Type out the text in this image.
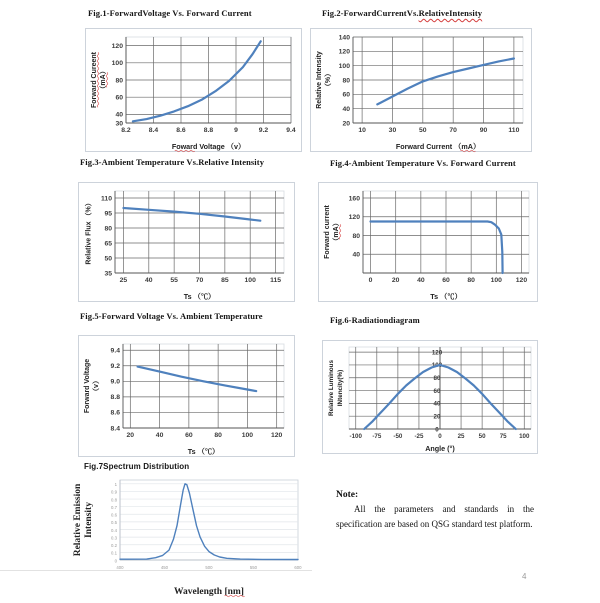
Fig.1-ForwardVoltage Vs. Forward Current
8.2	8.4	8.6	8.8	9	9.2	9.4
30
40
60
80
100
120
Foward Voltage （v）
Forward Cureent （mA）
Fig.2-ForwardCurrentVs.RelativeIntensity
10	30	50	70	90	110
20
40
60
80
100
120
140
Forward Current （mA）
Relative Intensity （%）
Fig.3-Ambient Temperature Vs.Relative Intensity
25	40	55	70	85 100 115
35
50
65
80
95
110
Ts （℃）
Relative Flux （%）
Fig.4-Ambient Temperature Vs. Forward Current
0	20	40	60	80 100 120
40
80
120
160
Ts （℃）
Forward current （mA）
Fig.5-Forward Voltage Vs. Ambient Temperature
20	40	60	80	100	120
8.4
8.6
8.8
9.0
9.2
9.4
Ts （℃）
Forward Voltage （v）
Fig.6-Radiationdiagram
-100 -75 -50 -25 0	25 50 75 100
0
20
40
60
80
100
120
Angle (°)
Relative Luminous INtencity(%)
Fig.7Spectrum Distribution
400	450	500	550	600
0
0.1
0.2
0.3
0.4
0.5
0.6
0.7
0.8
0.9
1
Wavelength [nm]
Relative Emission Intensity
Note:
All the parameters and standards in the specification are based on QSG standard test platform.
4
